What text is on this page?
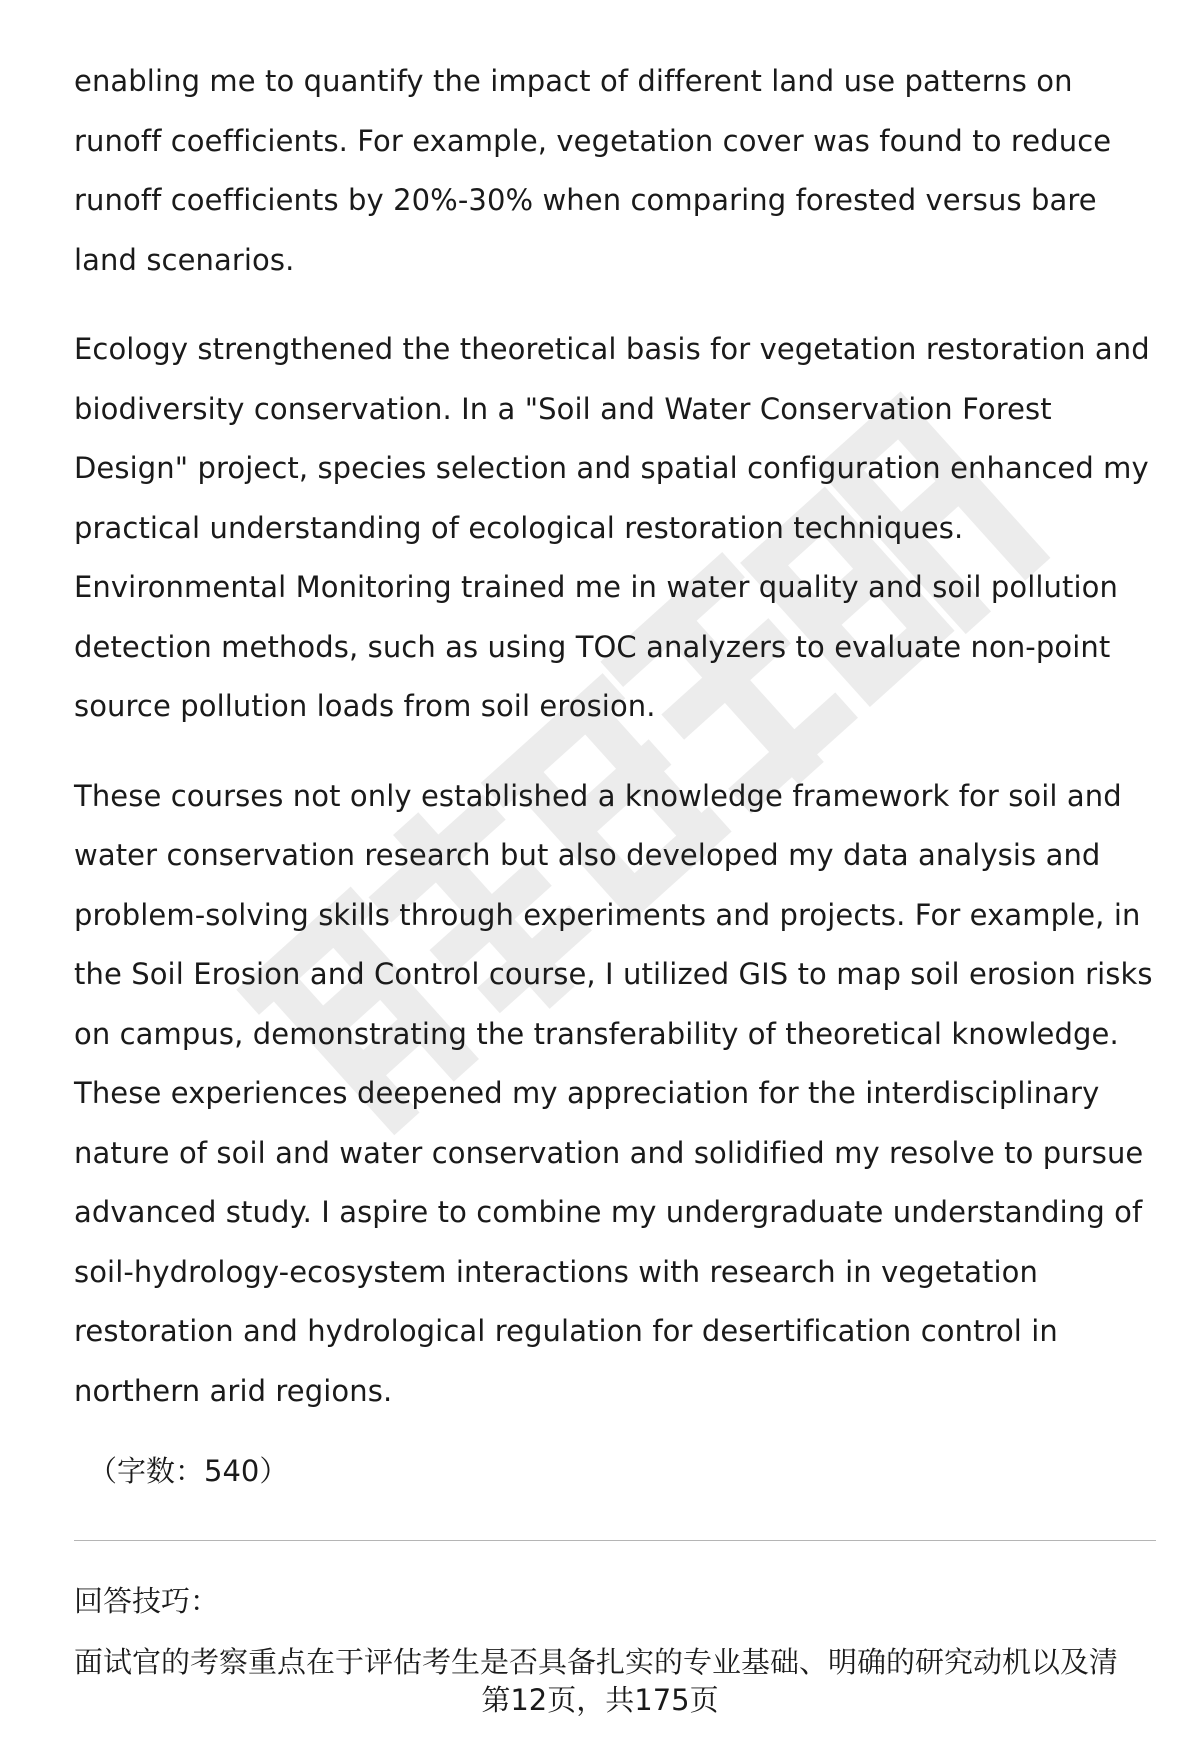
enabling me to quantify the impact of different land use patterns on runoff coefficients. For example, vegetation cover was found to reduce runoff coefficients by 20%-30% when comparing forested versus bare land scenarios.

Ecology strengthened the theoretical basis for vegetation restoration and biodiversity conservation. In a "Soil and Water Conservation Forest Design" project, species selection and spatial configuration enhanced my practical understanding of ecological restoration techniques. Environmental Monitoring trained me in water quality and soil pollution detection methods, such as using TOC analyzers to evaluate non-point source pollution loads from soil erosion.

These courses not only established a knowledge framework for soil and water conservation research but also developed my data analysis and problem-solving skills through experiments and projects. For example, in the Soil Erosion and Control course, I utilized GIS to map soil erosion risks on campus, demonstrating the transferability of theoretical knowledge. These experiences deepened my appreciation for the interdisciplinary nature of soil and water conservation and solidified my resolve to pursue advanced study. I aspire to combine my undergraduate understanding of soil-hydrology-ecosystem interactions with research in vegetation restoration and hydrological regulation for desertification control in northern arid regions.

（字数：540）
回答技巧：
面试官的考察重点在于评估考生是否具备扎实的专业基础、明确的研究动机以及清
第12页，共175页
